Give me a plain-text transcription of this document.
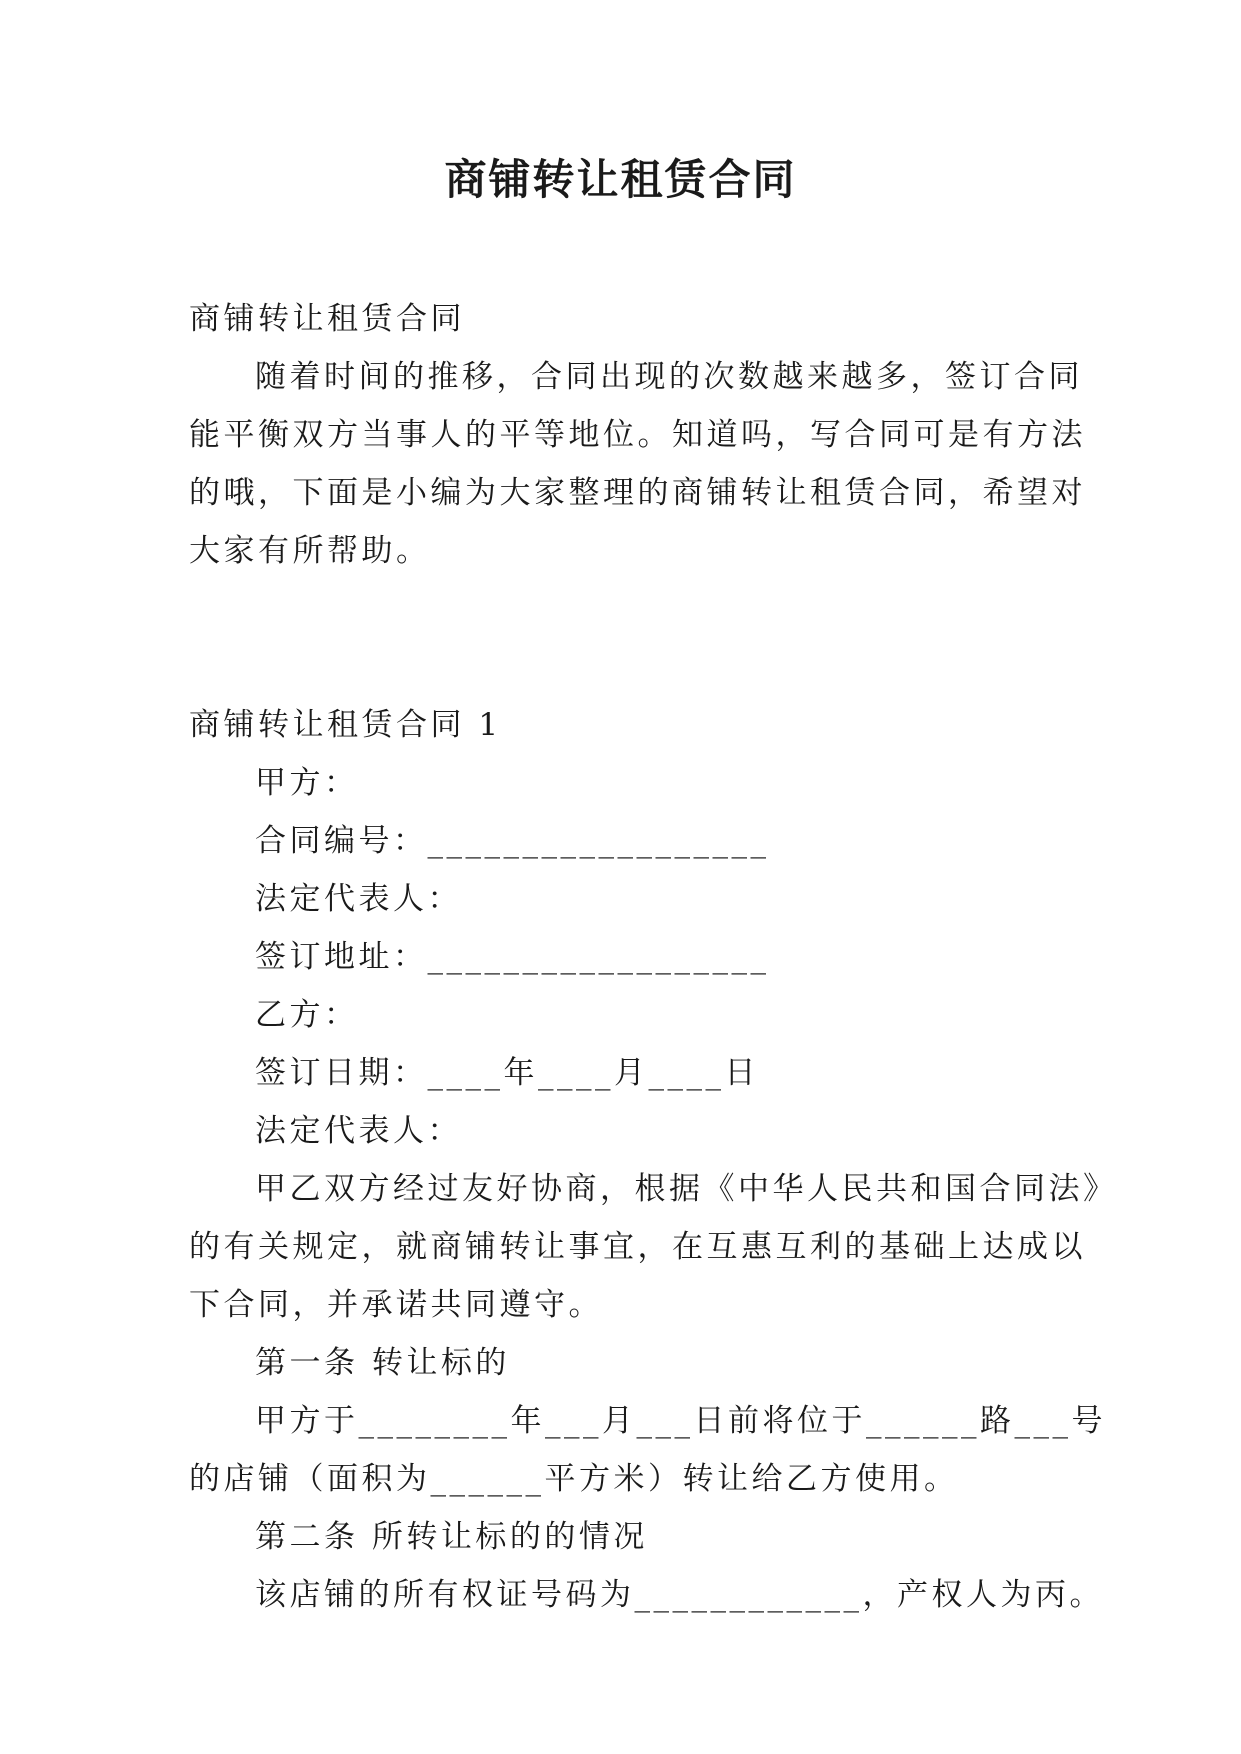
商铺转让租赁合同
商铺转让租赁合同
随着时间的推移，合同出现的次数越来越多，签订合同
能平衡双方当事人的平等地位。知道吗，写合同可是有方法
的哦，下面是小编为大家整理的商铺转让租赁合同，希望对
大家有所帮助。
商铺转让租赁合同 1
甲方：
合同编号：__________________
法定代表人：
签订地址：__________________
乙方：
签订日期：____年____月____日
法定代表人：
甲乙双方经过友好协商，根据《中华人民共和国合同法》
的有关规定，就商铺转让事宜，在互惠互利的基础上达成以
下合同，并承诺共同遵守。
第一条 转让标的
甲方于________年___月___日前将位于______路___号
的店铺（面积为______平方米）转让给乙方使用。
第二条 所转让标的的情况
该店铺的所有权证号码为____________，产权人为丙。
